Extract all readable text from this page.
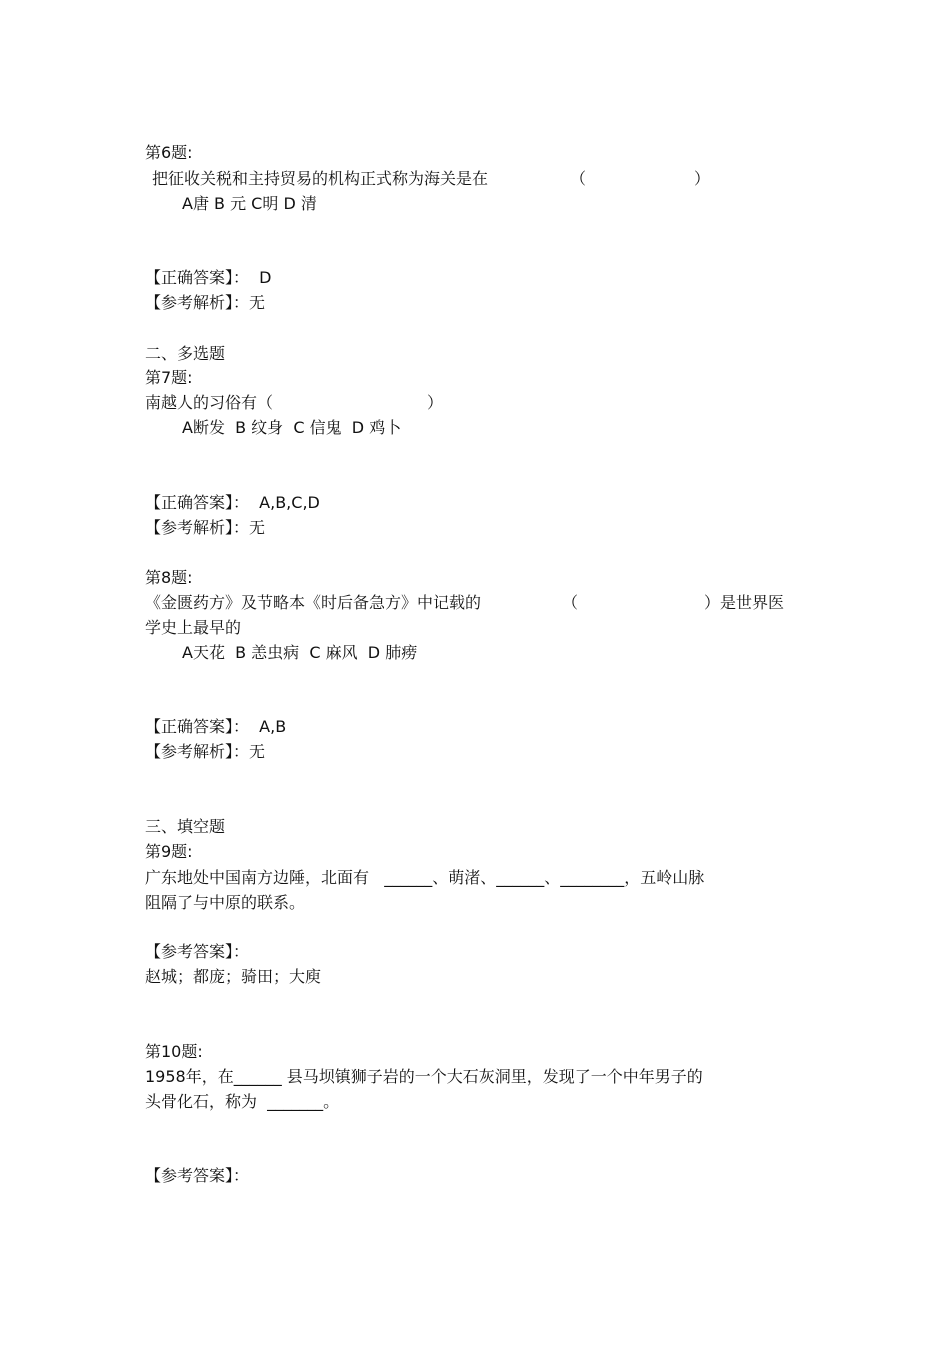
第6题:
把征收关税和主持贸易的机构正式称为海关是在	（	）
A唐 B 元 C明 D 清
【正确答案】：  D
【参考解析】：无
二、多选题
第7题:
南越人的习俗有（	）
A断发  B 纹身  C 信鬼  D 鸡卜
【正确答案】：  A,B,C,D
【参考解析】：无
第8题:
《金匮药方》及节略本《时后备急方》中记载的	（	）是世界医
学史上最早的
A天花  B 恙虫病  C 麻风  D 肺痨
【正确答案】：  A,B
【参考解析】：无
三、填空题
第9题:
广东地处中国南方边陲，北面有   ______、萌渚、______、________，五岭山脉
阻隔了与中原的联系。
【参考答案】：
赵城；都庞；骑田；大庾
第10题:
1958年，在______ 县马坝镇狮子岩的一个大石灰洞里，发现了一个中年男子的
头骨化石，称为  _______。
【参考答案】：
